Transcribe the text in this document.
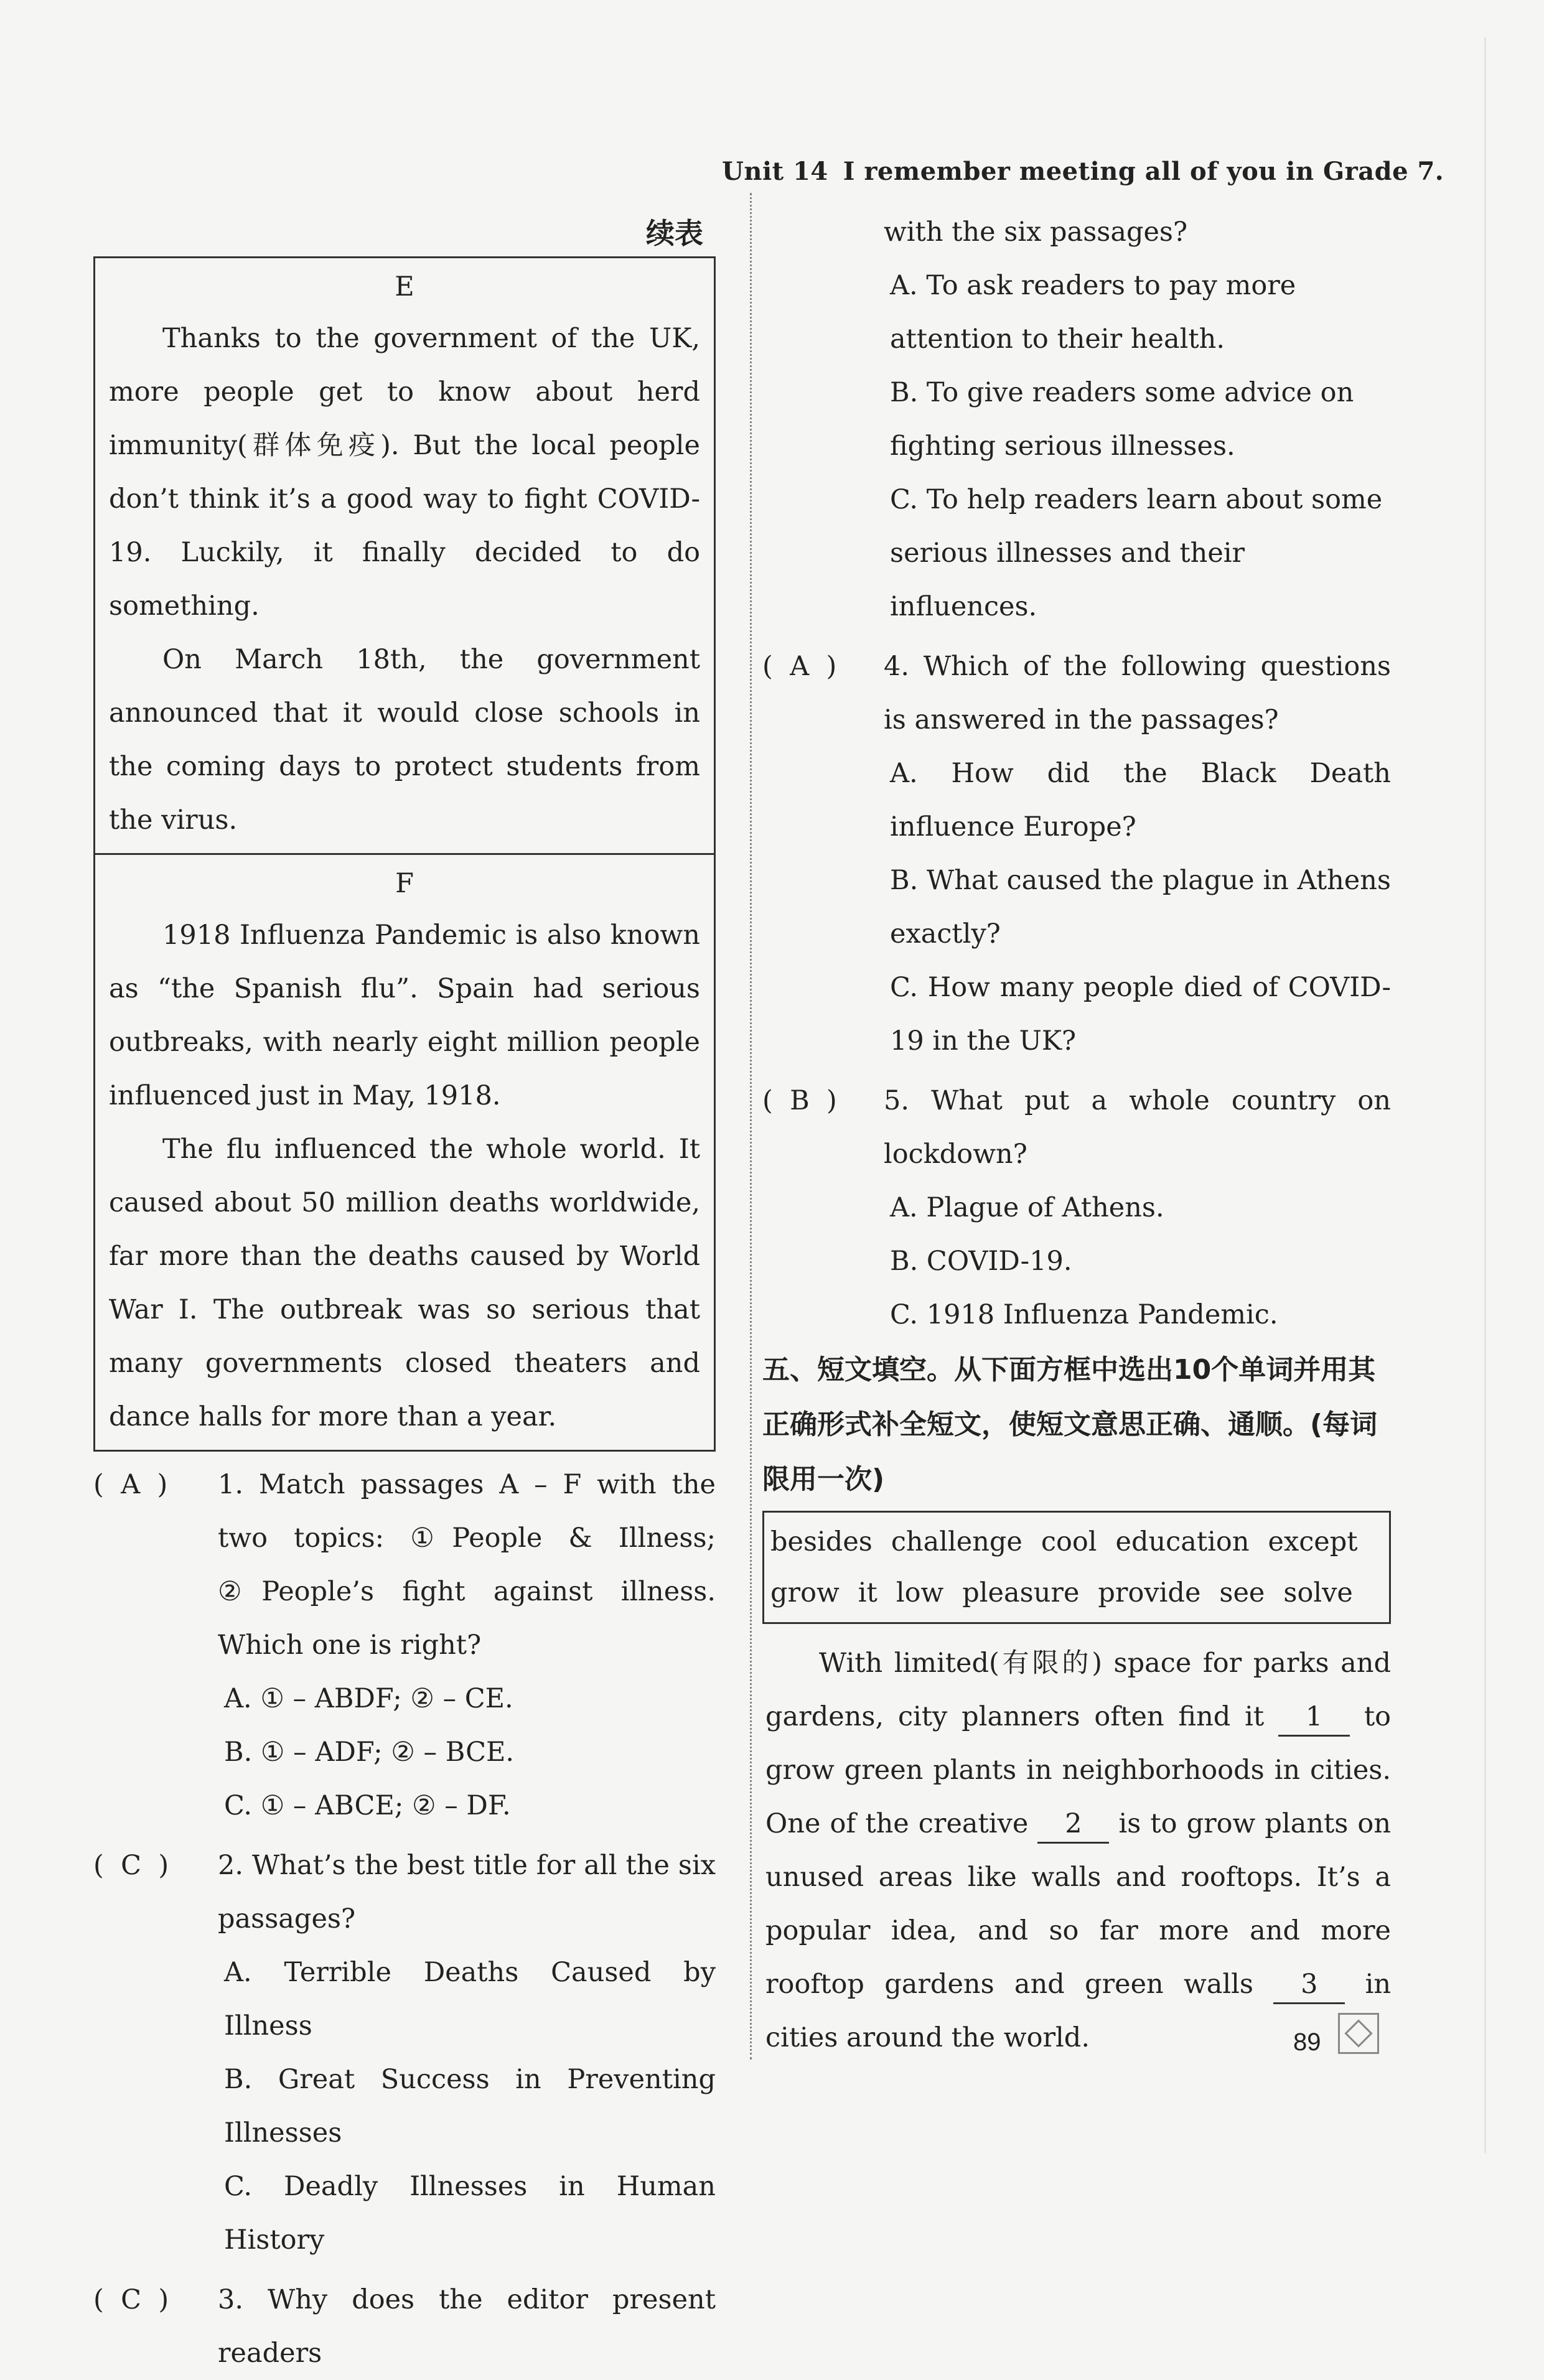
Unit 14 I remember meeting all of you in Grade 7.
续表
E

Thanks to the government of the UK, more people get to know about herd immunity(群体免疫). But the local people don’t think it’s a good way to fight COVID-19. Luckily, it finally decided to do something.

On March 18th, the government announced that it would close schools in the coming days to protect students from the virus.

F

1918 Influenza Pandemic is also known as “the Spanish flu”. Spain had serious outbreaks, with nearly eight million people influenced just in May, 1918.

The flu influenced the whole world. It caused about 50 million deaths worldwide, far more than the deaths caused by World War I. The outbreak was so serious that many governments closed theaters and dance halls for more than a year.

(  A  )	1. Match passages A – F with the two topics: ①People & Illness; ②People’s fight against illness. Which one is right?
A. ① – ABDF; ② – CE.
B. ① – ADF; ② – BCE.
C. ① – ABCE; ② – DF.
(  C  )	2. What’s the best title for all the six passages?
A. Terrible Deaths Caused by Illness
B. Great Success in Preventing Illnesses
C. Deadly Illnesses in Human History
(  C  )	3. Why does the editor present readers
with the six passages?
A. To ask readers to pay more attention to their health.
B. To give readers some advice on fighting serious illnesses.
C. To help readers learn about some serious illnesses and their influences.
(  A  )	4. Which of the following questions is answered in the passages?
A. How did the Black Death influence Europe?
B. What caused the plague in Athens exactly?
C. How many people died of COVID-19 in the UK?
(  B  )	5. What put a whole country on lockdown?
A. Plague of Athens.
B. COVID-19.
C. 1918 Influenza Pandemic.
五、短文填空。从下面方框中选出10个单词并用其正确形式补全短文，使短文意思正确、通顺。(每词限用一次)
besides challenge cool education except
grow it low pleasure provide see solve

With limited(有限的) space for parks and gardens, city planners often find it 1 to grow green plants in neighborhoods in cities. One of the creative 2 is to grow plants on unused areas like walls and rooftops. It’s a popular idea, and so far more and more rooftop gardens and green walls 3 in cities around the world.	89
